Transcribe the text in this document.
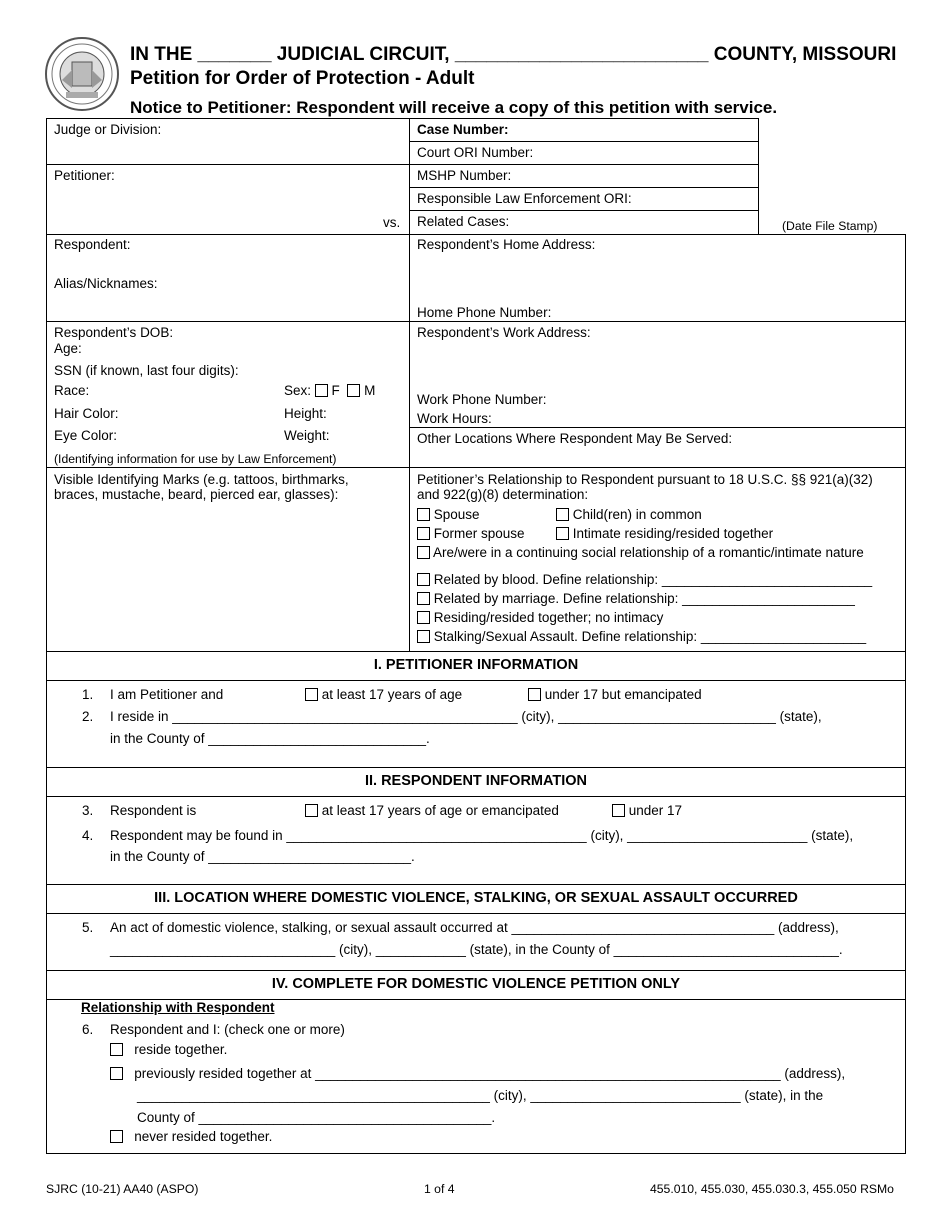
IN THE _______ JUDICIAL CIRCUIT, ________________________ COUNTY, MISSOURI
Petition for Order of Protection - Adult
Notice to Petitioner: Respondent will receive a copy of this petition with service.
Judge or Division:	Case Number:
Court ORI Number:
Petitioner:	MSHP Number:
Responsible Law Enforcement ORI:
vs. Related Cases:	(Date File Stamp)
Respondent:
Alias/Nicknames:
Respondent’s Home Address:
Home Phone Number:
Respondent’s DOB:
Age:
SSN (if known, last four digits):
Race:	Sex: F M
Hair Color:	Height:
Eye Color:	Weight:
(Identifying information for use by Law Enforcement)
Visible Identifying Marks (e.g. tattoos, birthmarks,
braces, mustache, beard, pierced ear, glasses):
Respondent’s Work Address:
Work Phone Number:
Work Hours:
Other Locations Where Respondent May Be Served:
Petitioner’s Relationship to Respondent pursuant to 18 U.S.C. §§ 921(a)(32)
and 922(g)(8) determination:
Spouse	Child(ren) in common
Former spouse	Intimate residing/resided together
Are/were in a continuing social relationship of a romantic/intimate nature
Related by blood. Define relationship: ____________________________
Related by marriage. Define relationship: _______________________
Residing/resided together; no intimacy
Stalking/Sexual Assault. Define relationship: ______________________
I. PETITIONER INFORMATION
1. I am Petitioner and	at least 17 years of age	under 17 but emancipated
2. I reside in ______________________________________________ (city), _____________________________ (state),
in the County of _____________________________.
II. RESPONDENT INFORMATION
3. Respondent is	at least 17 years of age or emancipated	under 17
4. Respondent may be found in ________________________________________ (city), ________________________ (state),
in the County of ___________________________.
III. LOCATION WHERE DOMESTIC VIOLENCE, STALKING, OR SEXUAL ASSAULT OCCURRED
5. An act of domestic violence, stalking, or sexual assault occurred at ___________________________________ (address),
______________________________ (city), ____________ (state), in the County of ______________________________.
IV. COMPLETE FOR DOMESTIC VIOLENCE PETITION ONLY
Relationship with Respondent
6. Respondent and I: (check one or more)
reside together.
previously resided together at ______________________________________________________________ (address),
_______________________________________________ (city), ____________________________ (state), in the
County of _______________________________________.
never resided together.
SJRC (10-21) AA40 (ASPO)	1 of 4	455.010, 455.030, 455.030.3, 455.050 RSMo
